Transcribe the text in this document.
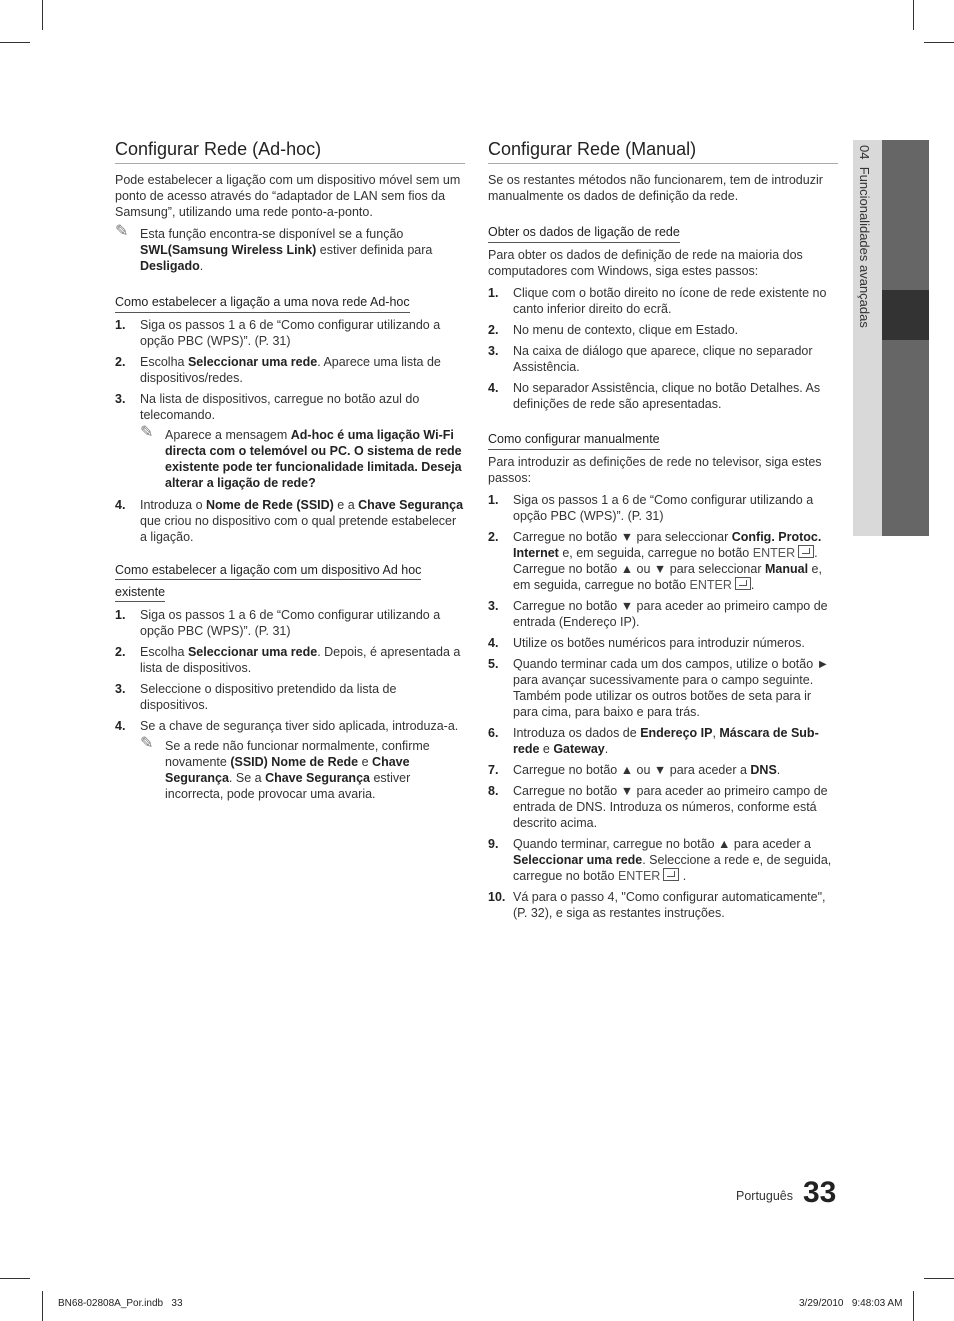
Configurar Rede (Ad-hoc)

Pode estabelecer a ligação com um dispositivo móvel sem um ponto de acesso através do “adaptador de LAN sem fios da Samsung”, utilizando uma rede ponto-a-ponto.

✎ Esta função encontra-se disponível se a função SWL(Samsung Wireless Link) estiver definida para Desligado.
Como estabelecer a ligação a uma nova rede Ad-hoc
1. Siga os passos 1 a 6 de “Como configurar utilizando a opção PBC (WPS)”. (P. 31)
2. Escolha Seleccionar uma rede. Aparece uma lista de dispositivos/redes.
3. Na lista de dispositivos, carregue no botão azul do telecomando.
✎ Aparece a mensagem Ad-hoc é uma ligação Wi-Fi directa com o telemóvel ou PC. O sistema de rede existente pode ter funcionalidade limitada. Deseja alterar a ligação de rede?
4. Introduza o Nome de Rede (SSID) e a Chave Segurança que criou no dispositivo com o qual pretende estabelecer a ligação.
Como estabelecer a ligação com um dispositivo Ad hoc
existente
1. Siga os passos 1 a 6 de “Como configurar utilizando a opção PBC (WPS)”. (P. 31)
2. Escolha Seleccionar uma rede. Depois, é apresentada a lista de dispositivos.
3. Seleccione o dispositivo pretendido da lista de dispositivos.
4. Se a chave de segurança tiver sido aplicada, introduza-a.
✎ Se a rede não funcionar normalmente, confirme novamente (SSID) Nome de Rede e Chave Segurança. Se a Chave Segurança estiver incorrecta, pode provocar uma avaria.
Configurar Rede (Manual)

Se os restantes métodos não funcionarem, tem de introduzir manualmente os dados de definição da rede.

Obter os dados de ligação de rede

Para obter os dados de definição de rede na maioria dos computadores com Windows, siga estes passos:

1. Clique com o botão direito no ícone de rede existente no canto inferior direito do ecrã.
2. No menu de contexto, clique em Estado.
3. Na caixa de diálogo que aparece, clique no separador Assistência.
4. No separador Assistência, clique no botão Detalhes. As definições de rede são apresentadas.
Como configurar manualmente

Para introduzir as definições de rede no televisor, siga estes passos:

1. Siga os passos 1 a 6 de “Como configurar utilizando a opção PBC (WPS)”. (P. 31)
2. Carregue no botão ▼ para seleccionar Config. Protoc. Internet e, em seguida, carregue no botão ENTER . Carregue no botão ▲ ou ▼ para seleccionar Manual e, em seguida, carregue no botão ENTER .
3. Carregue no botão ▼ para aceder ao primeiro campo de entrada (Endereço IP).
4. Utilize os botões numéricos para introduzir números.
5. Quando terminar cada um dos campos, utilize o botão ► para avançar sucessivamente para o campo seguinte. Também pode utilizar os outros botões de seta para ir para cima, para baixo e para trás.
6. Introduza os dados de Endereço IP, Máscara de Sub-rede e Gateway.
7. Carregue no botão ▲ ou ▼ para aceder a DNS.
8. Carregue no botão ▼ para aceder ao primeiro campo de entrada de DNS. Introduza os números, conforme está descrito acima.
9. Quando terminar, carregue no botão ▲ para aceder a Seleccionar uma rede. Seleccione a rede e, de seguida, carregue no botão ENTER .
10. Vá para o passo 4, "Como configurar automaticamente", (P. 32), e siga as restantes instruções.
04  Funcionalidades avançadas
Português 33
BN68-02808A_Por.indb   33	3/29/2010   9:48:03 AM
